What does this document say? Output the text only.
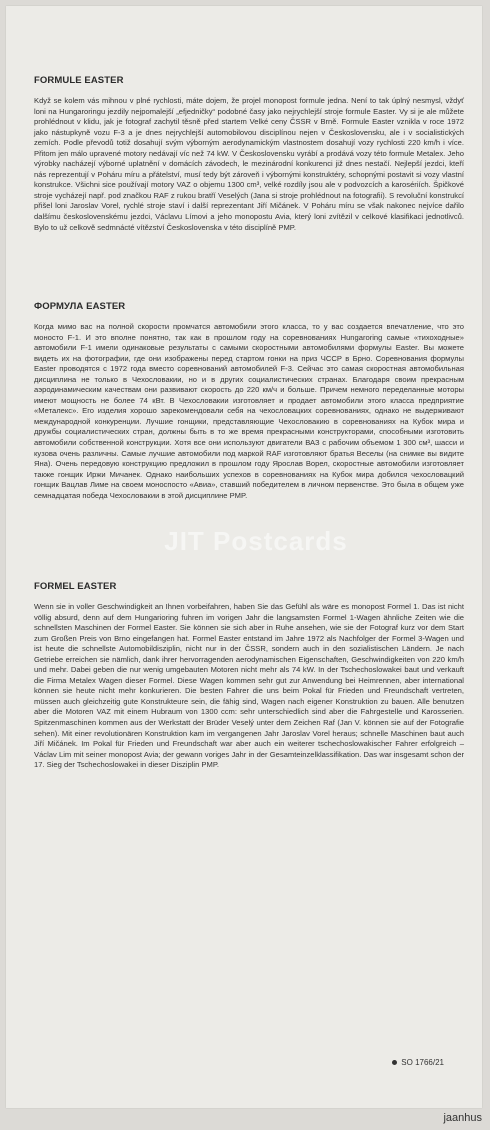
FORMULE EASTER

Když se kolem vás mihnou v plné rychlosti, máte dojem, že projel monopost formule jedna. Není to tak úplný nesmysl, vždyť loni na Hungaroringu jezdily nejpomalejší „efjedničky“ podobné časy jako nejrychlejší stroje formule Easter. Vy si je ale můžete prohlédnout v klidu, jak je fotograf zachytil těsně před startem Velké ceny ČSSR v Brně. Formule Easter vznikla v roce 1972 jako nástupkyně vozu F-3 a je dnes nejrychlejší automobilovou disciplínou nejen v Československu, ale i v socialistických zemích. Podle převodů totiž dosahují svým výborným aerodynamickým vlastnostem dosahují vozy rychlosti 220 km/h i více. Přitom jen málo upravené motory nedávají víc než 74 kW. V Československu vyrábí a prodává vozy této formule Metalex. Jeho výrobky nacházejí výborné uplatnění v domácích závodech, le mezinárodní konkurenci již dnes nestačí. Nejlepší jezdci, kteří nás reprezentují v Poháru míru a přátelství, musí tedy být zároveň i výbornými konstruktéry, schopnými postavit si vozy vlastní konstrukce. Všichni sice používají motory VAZ o objemu 1300 cm³, velké rozdíly jsou ale v podvozcích a karosériích. Špičkové stroje vycházejí např. pod značkou RAF z rukou bratří Veselých (Jana si stroje prohlédnout na fotografii). S revoluční konstrukcí přišel loni Jaroslav Vorel, rychlé stroje staví i další reprezentant Jiří Mičánek. V Poháru míru se však nakonec nejvíce dařilo dalšímu československému jezdci, Václavu Límovi a jeho monopostu Avia, který loni zvítězil v celkové klasifikaci jednotlivců. Bylo to už celkově sedmnácté vítězství Československa v této disciplíně PMP.

ФОРМУЛА EASTER

Когда мимо вас на полной скорости промчатся автомобили этого класса, то у вас создается впечатление, что это моносто F-1. И это вполне понятно, так как в прошлом году на соревнованиях Hungaroring самые «тихоходные» автомобили F-1 имели одинаковые результаты с самыми скоростными автомобилями формулы Easter. Вы можете видеть их на фотографии, где они изображены перед стартом гонки на приз ЧССР в Брно. Соревнования формулы Easter проводятся с 1972 года вместо соревнований автомобилей F-3. Сейчас это самая скоростная автомобильная дисциплина не только в Чехословакии, но и в других социалистических странах. Благодаря своим прекрасным аэродинамическим качествам они развивают скорость до 220 км/ч и больше. Причем немного переделанные моторы имеют мощность не более 74 кВт. В Чехословакии изготовляет и продает автомобили этого класса предприятие «Металекс». Его изделия хорошо зарекомендовали себя на чехословацких соревнованиях, однако не выдерживают международной конкуренции. Лучшие гонщики, представляющие Чехословакию в соревнованиях на Кубок мира и дружбы социалистических стран, должны быть в то же время прекрасными конструкторами, способными изготовить автомобили собственной конструкции. Хотя все они используют двигатели ВАЗ с рабочим объемом 1 300 см³, шасси и кузова очень различны. Самые лучшие автомобили под маркой RAF изготовляют братья Веселы (на снимке вы видите Яна). Очень передовую конструкцию предложил в прошлом году Ярослав Ворел, скоростные автомобили изготовляет также гонщик Иржи Мичанек. Однако наибольших успехов в соревнованиях на Кубок мира добился чехословацкий гонщик Вацлав Лиме на своем моноспосто «Авиа», ставший победителем в личном первенстве. Это была в общем уже семнадцатая победа Чехословакии в этой дисциплине PMP.

FORMEL EASTER

Wenn sie in voller Geschwindigkeit an Ihnen vorbeifahren, haben Sie das Gefühl als wäre es monopost Formel 1. Das ist nicht völlig absurd, denn auf dem Hungarioring fuhren im vorigen Jahr die langsamsten Formel 1-Wagen ähnliche Zeiten wie die schnellsten Maschinen der Formel Easter. Sie können sie sich aber in Ruhe ansehen, wie sie der Fotograf kurz vor dem Start zum Großen Preis von Brno eingefangen hat. Formel Easter entstand im Jahre 1972 als Nachfolger der Formel 3-Wagen und ist heute die schnellste Automobildisziplin, nicht nur in der ČSSR, sondern auch in den sozialistischen Ländern. Je nach Getriebe erreichen sie nämlich, dank ihrer hervorragenden aerodynamischen Eigenschaften, Geschwindigkeiten von 220 km/h und mehr. Dabei geben die nur wenig umgebauten Motoren nicht mehr als 74 kW. In der Tschechoslowakei baut und verkauft die Firma Metalex Wagen dieser Formel. Diese Wagen kommen sehr gut zur Anwendung bei Heimrennen, aber international können sie heute nicht mehr konkurieren. Die besten Fahrer die uns beim Pokal für Frieden und Freundschaft vertreten, müssen auch gleichzeitig gute Konstrukteure sein, die fähig sind, Wagen nach eigener Konstruktion zu bauen. Alle benutzen aber die Motoren VAZ mit einem Hubraum von 1300 ccm: sehr unterschiedlich sind aber die Fahrgestelle und Karosserien. Spitzenmaschinen kommen aus der Werkstatt der Brüder Veselý unter dem Zeichen Raf (Jan V. können sie auf der Fotografie sehen). Mit einer revolutionären Konstruktion kam im vergangenen Jahr Jaroslav Vorel heraus; schnelle Maschinen baut auch Jiří Mičánek. Im Pokal für Frieden und Freundschaft war aber auch ein weiterer tschechoslowakischer Fahrer erfolgreich – Václav Lim mit seiner monopost Avia; der gewann voriges Jahr in der Gesamteinzelklassifikation. Das war insgesamt schon der 17. Sieg der Tschechoslowakei in dieser Disziplin PMP.

JIT Postcards
SO 1766/21
jaanhus
